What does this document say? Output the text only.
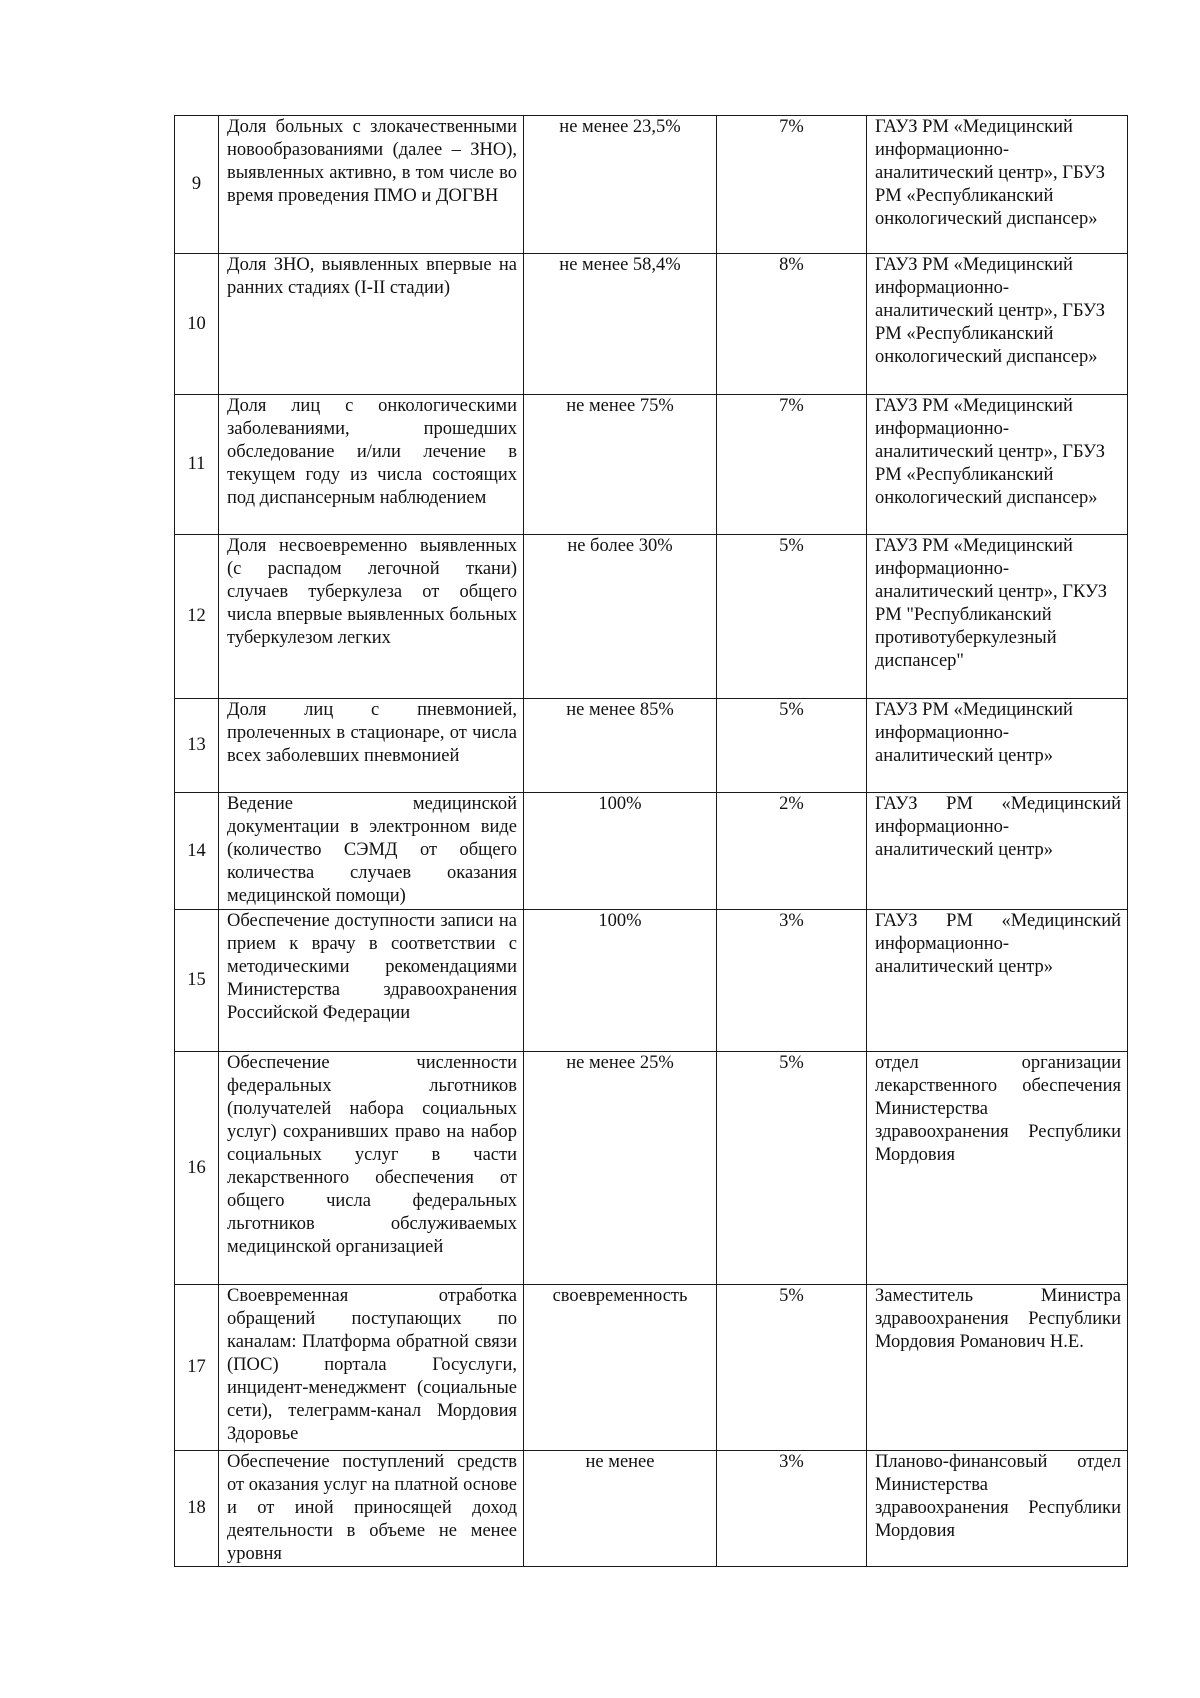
9	Доля больных с злокачественными новообразованиями (далее – ЗНО), выявленных активно, в том числе во время проведения ПМО и ДОГВН	не менее 23,5%	7%	ГАУЗ РМ «Медицинский информационно-аналитический центр», ГБУЗ РМ «Республиканский онкологический диспансер»

10	Доля ЗНО, выявленных впервые на ранних стадиях (I-II стадии)	не менее 58,4%	8%	ГАУЗ РМ «Медицинский информационно-аналитический центр», ГБУЗ РМ «Республиканский онкологический диспансер»

11	Доля лиц с онкологическими заболеваниями, прошедших обследование и/или лечение в текущем году из числа состоящих под диспансерным наблюдением	не менее 75%	7%	ГАУЗ РМ «Медицинский информационно-аналитический центр», ГБУЗ РМ «Республиканский онкологический диспансер»

12	Доля несвоевременно выявленных (с распадом легочной ткани) случаев туберкулеза от общего числа впервые выявленных больных туберкулезом легких	не более 30%	5%	ГАУЗ РМ «Медицинский информационно-аналитический центр», ГКУЗ РМ "Республиканский противотуберкулезный диспансер"

13	Доля лиц с пневмонией, пролеченных в стационаре, от числа всех заболевших пневмонией	не менее 85%	5%	ГАУЗ РМ «Медицинский информационно-аналитический центр»

14	Ведение медицинской документации в электронном виде (количество СЭМД от общего количества случаев оказания медицинской помощи)	100%	2%	ГАУЗ РМ «Медицинский информационно-аналитический центр»

15	Обеспечение доступности записи на прием к врачу в соответствии с методическими рекомендациями Министерства здравоохранения Российской Федерации	100%	3%	ГАУЗ РМ «Медицинский информационно-аналитический центр»

16	Обеспечение численности федеральных льготников (получателей набора социальных услуг) сохранивших право на набор социальных услуг в части лекарственного обеспечения от общего числа федеральных льготников обслуживаемых медицинской организацией	не менее 25%	5%	отдел организации лекарственного обеспечения Министерства здравоохранения Республики Мордовия

17	Своевременная отработка обращений поступающих по каналам: Платформа обратной связи (ПОС) портала Госуслуги, инцидент-менеджмент (социальные сети), телеграмм-канал Мордовия Здоровье	своевременность	5%	Заместитель Министра здравоохранения Республики Мордовия Романович Н.Е.

18	Обеспечение поступлений средств от оказания услуг на платной основе и от иной приносящей доход деятельности в объеме не менее уровня	не менее	3%	Планово-финансовый отдел Министерства здравоохранения Республики Мордовия
